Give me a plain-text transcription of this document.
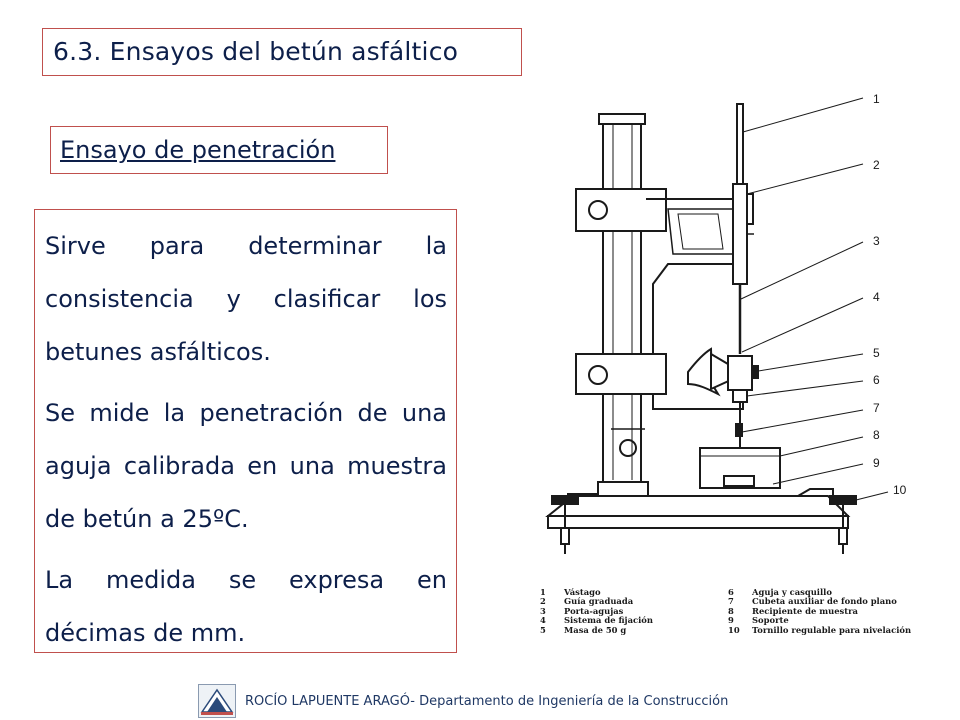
6.3. Ensayos del betún asfáltico
Ensayo de penetración

Sirve para determinar la consistencia y clasificar los betunes asfálticos.

Se mide la penetración de una aguja calibrada en una muestra de betún a 25ºC.

La medida se expresa en décimas de mm.

1
2
3
4
5
6
7
8
9
10
1 Vástago
2 Guía graduada
3 Porta-agujas
4 Sistema de fijación
5 Masa de 50 g
6 Aguja y casquillo
7 Cubeta auxiliar de fondo plano
8 Recipiente de muestra
9 Soporte
10 Tornillo regulable para nivelación
ROCÍO LAPUENTE ARAGÓ- Departamento de Ingeniería de la Construcción
